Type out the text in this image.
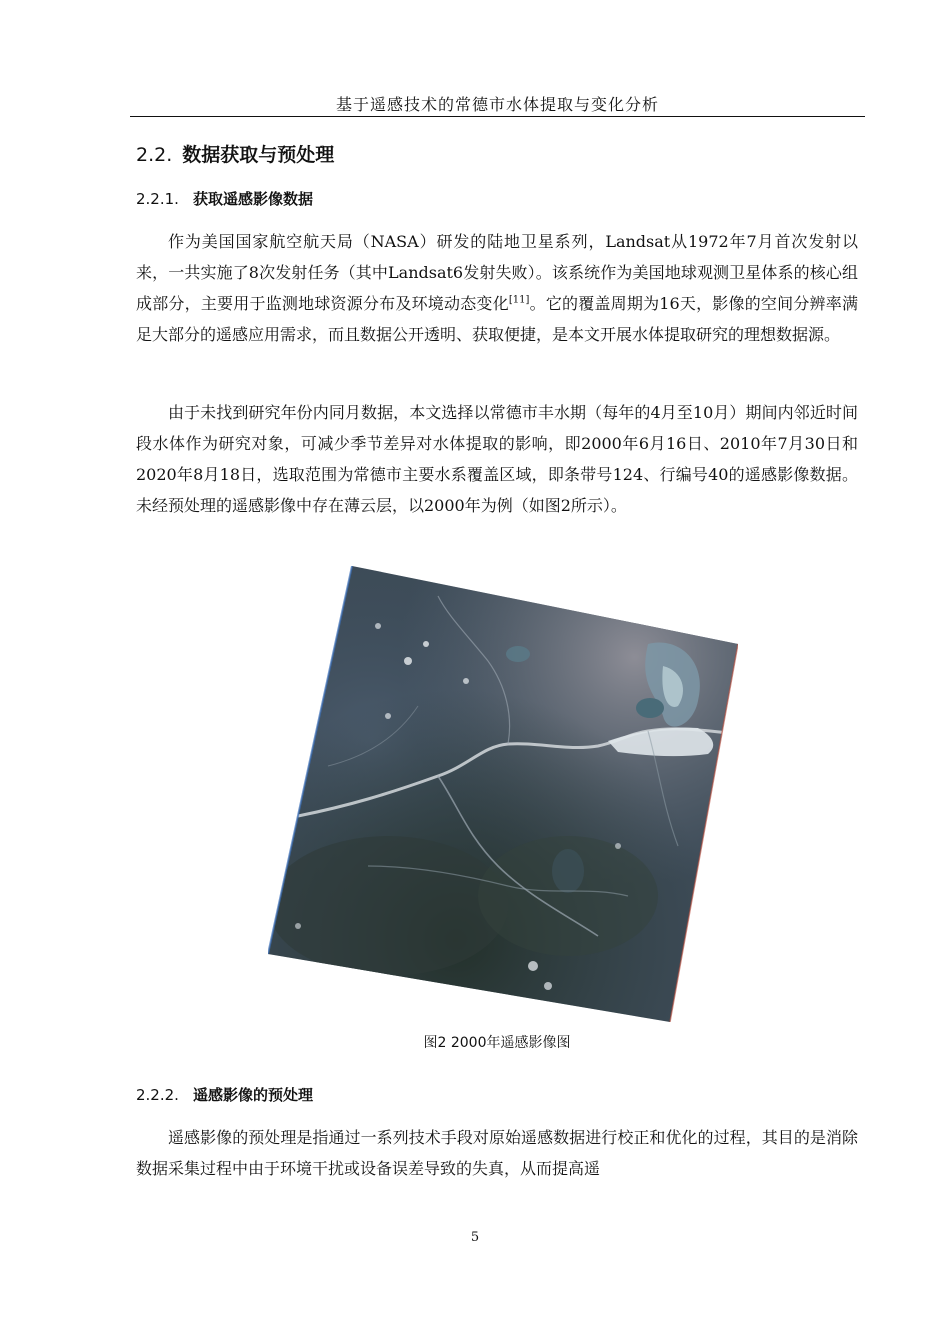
基于遥感技术的常德市水体提取与变化分析
2.2. 数据获取与预处理
2.2.1. 获取遥感影像数据

作为美国国家航空航天局（NASA）研发的陆地卫星系列，Landsat从1972年7月首次发射以来，一共实施了8次发射任务（其中Landsat6发射失败）。该系统作为美国地球观测卫星体系的核心组成部分，主要用于监测地球资源分布及环境动态变化[11]。它的覆盖周期为16天，影像的空间分辨率满足大部分的遥感应用需求，而且数据公开透明、获取便捷，是本文开展水体提取研究的理想数据源。

由于未找到研究年份内同月数据，本文选择以常德市丰水期（每年的4月至10月）期间内邻近时间段水体作为研究对象，可减少季节差异对水体提取的影响，即2000年6月16日、2010年7月30日和2020年8月18日，选取范围为常德市主要水系覆盖区域，即条带号124、行编号40的遥感影像数据。未经预处理的遥感影像中存在薄云层，以2000年为例（如图2所示）。

图2 2000年遥感影像图
2.2.2. 遥感影像的预处理

遥感影像的预处理是指通过一系列技术手段对原始遥感数据进行校正和优化的过程，其目的是消除数据采集过程中由于环境干扰或设备误差导致的失真，从而提高遥

5
